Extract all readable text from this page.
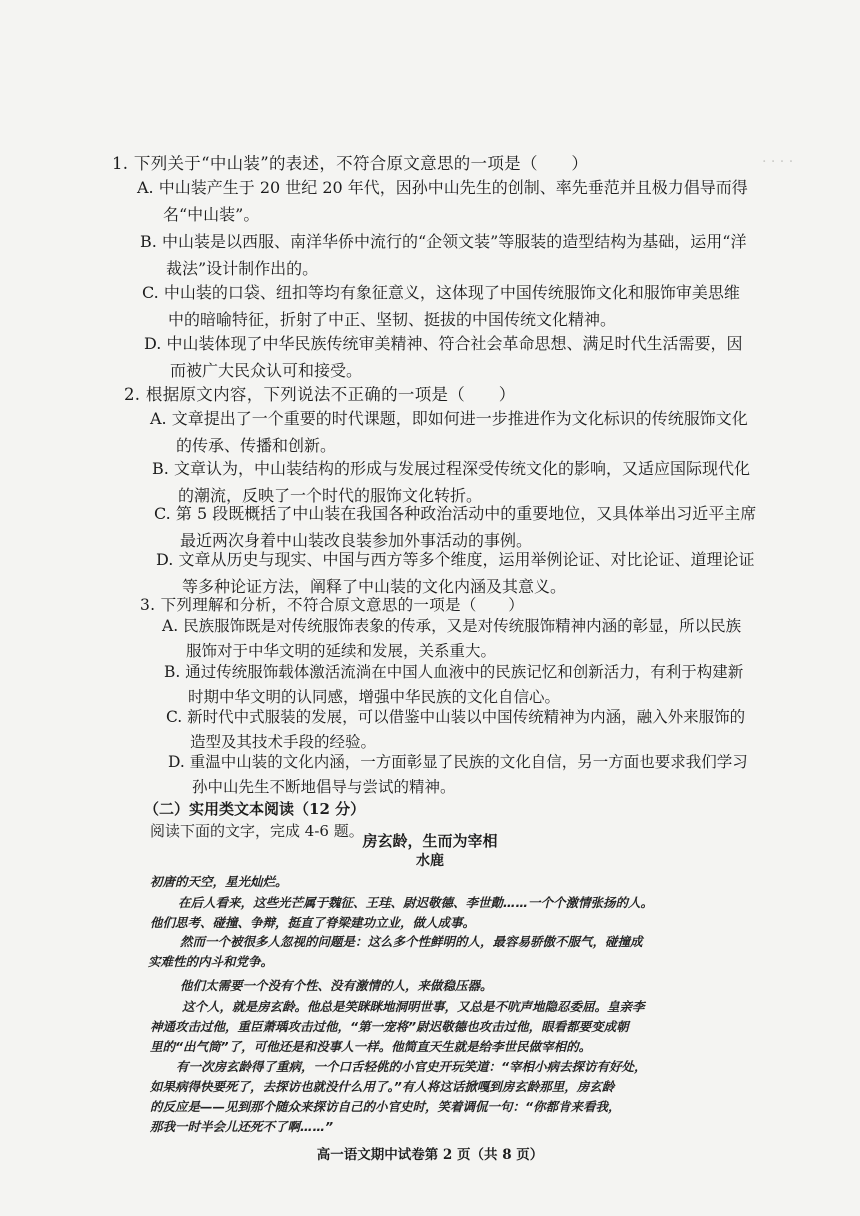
. . . .
1. 下列关于“中山装”的表述，不符合原文意思的一项是（　　）
A. 中山装产生于 20 世纪 20 年代，因孙中山先生的创制、率先垂范并且极力倡导而得
名“中山装”。
B. 中山装是以西服、南洋华侨中流行的“企领文装”等服装的造型结构为基础，运用“洋
裁法”设计制作出的。
C. 中山装的口袋、纽扣等均有象征意义，这体现了中国传统服饰文化和服饰审美思维
中的暗喻特征，折射了中正、坚韧、挺拔的中国传统文化精神。
D. 中山装体现了中华民族传统审美精神、符合社会革命思想、满足时代生活需要，因
而被广大民众认可和接受。
2. 根据原文内容，下列说法不正确的一项是（　　）
A. 文章提出了一个重要的时代课题，即如何进一步推进作为文化标识的传统服饰文化
的传承、传播和创新。
B. 文章认为，中山装结构的形成与发展过程深受传统文化的影响，又适应国际现代化
的潮流，反映了一个时代的服饰文化转折。
C. 第 5 段既概括了中山装在我国各种政治活动中的重要地位，又具体举出习近平主席
最近两次身着中山装改良装参加外事活动的事例。
D. 文章从历史与现实、中国与西方等多个维度，运用举例论证、对比论证、道理论证
等多种论证方法，阐释了中山装的文化内涵及其意义。
3. 下列理解和分析，不符合原文意思的一项是（　　）
A. 民族服饰既是对传统服饰表象的传承，又是对传统服饰精神内涵的彰显，所以民族
服饰对于中华文明的延续和发展，关系重大。
B. 通过传统服饰载体激活流淌在中国人血液中的民族记忆和创新活力，有利于构建新
时期中华文明的认同感，增强中华民族的文化自信心。
C. 新时代中式服装的发展，可以借鉴中山装以中国传统精神为内涵，融入外来服饰的
造型及其技术手段的经验。
D. 重温中山装的文化内涵，一方面彰显了民族的文化自信，另一方面也要求我们学习
孙中山先生不断地倡导与尝试的精神。
（二）实用类文本阅读（12 分）
阅读下面的文字，完成 4-6 题。
房玄龄，生而为宰相
水鹿
初唐的天空，星光灿烂。
在后人看来，这些光芒属于魏征、王珪、尉迟敬德、李世勣……一个个激情张扬的人。
他们思考、碰撞、争辩，挺直了脊梁建功立业，做人成事。
然而一个被很多人忽视的问题是：这么多个性鲜明的人，最容易骄傲不服气，碰撞成
实难性的内斗和党争。
他们太需要一个没有个性、没有激情的人，来做稳压器。
这个人，就是房玄龄。他总是笑眯眯地洞明世事，又总是不吭声地隐忍委屈。皇亲李
神通攻击过他，重臣萧瑀攻击过他，“第一宠将”尉迟敬德也攻击过他，眼看都要变成朝
里的“出气筒”了，可他还是和没事人一样。他简直天生就是给李世民做宰相的。
有一次房玄龄得了重病，一个口舌轻佻的小官史开玩笑道：“宰相小病去探访有好处，
如果病得快要死了，去探访也就没什么用了。”有人将这话掀嘎到房玄龄那里，房玄龄
的反应是——见到那个随众来探访自己的小官史时，笑着调侃一句：“你都肯来看我，
那我一时半会儿还死不了啊……”
高一语文期中试卷第 2 页（共 8 页）
